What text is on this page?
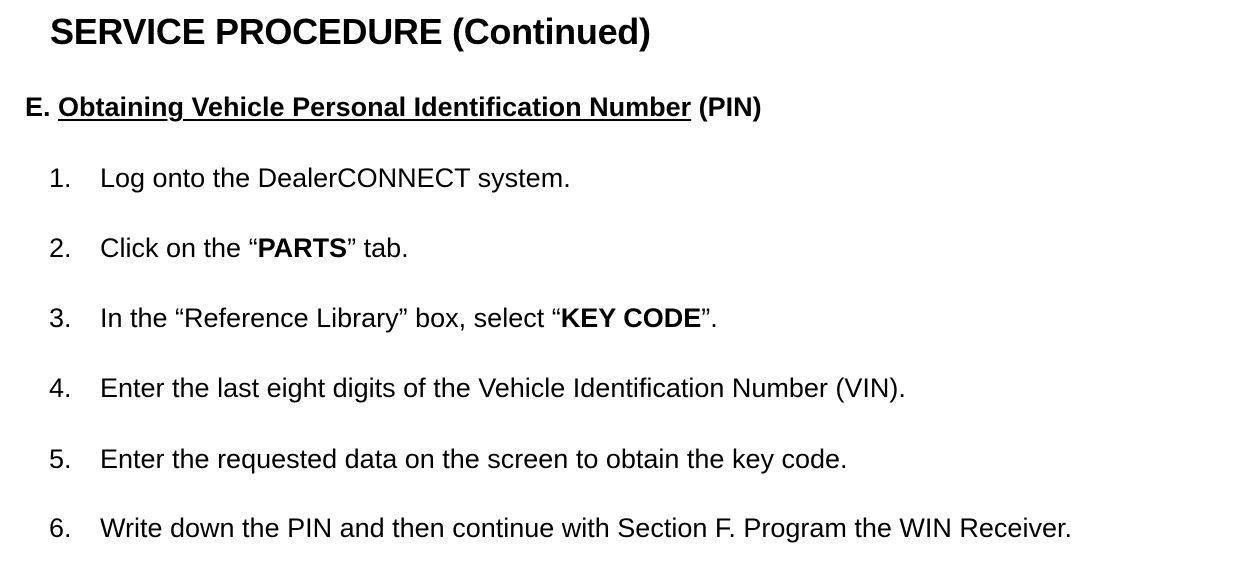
SERVICE PROCEDURE (Continued)
E. Obtaining Vehicle Personal Identification Number (PIN)
1. Log onto the DealerCONNECT system.
2. Click on the “PARTS” tab.
3. In the “Reference Library” box, select “KEY CODE”.
4. Enter the last eight digits of the Vehicle Identification Number (VIN).
5. Enter the requested data on the screen to obtain the key code.
6. Write down the PIN and then continue with Section F. Program the WIN Receiver.
